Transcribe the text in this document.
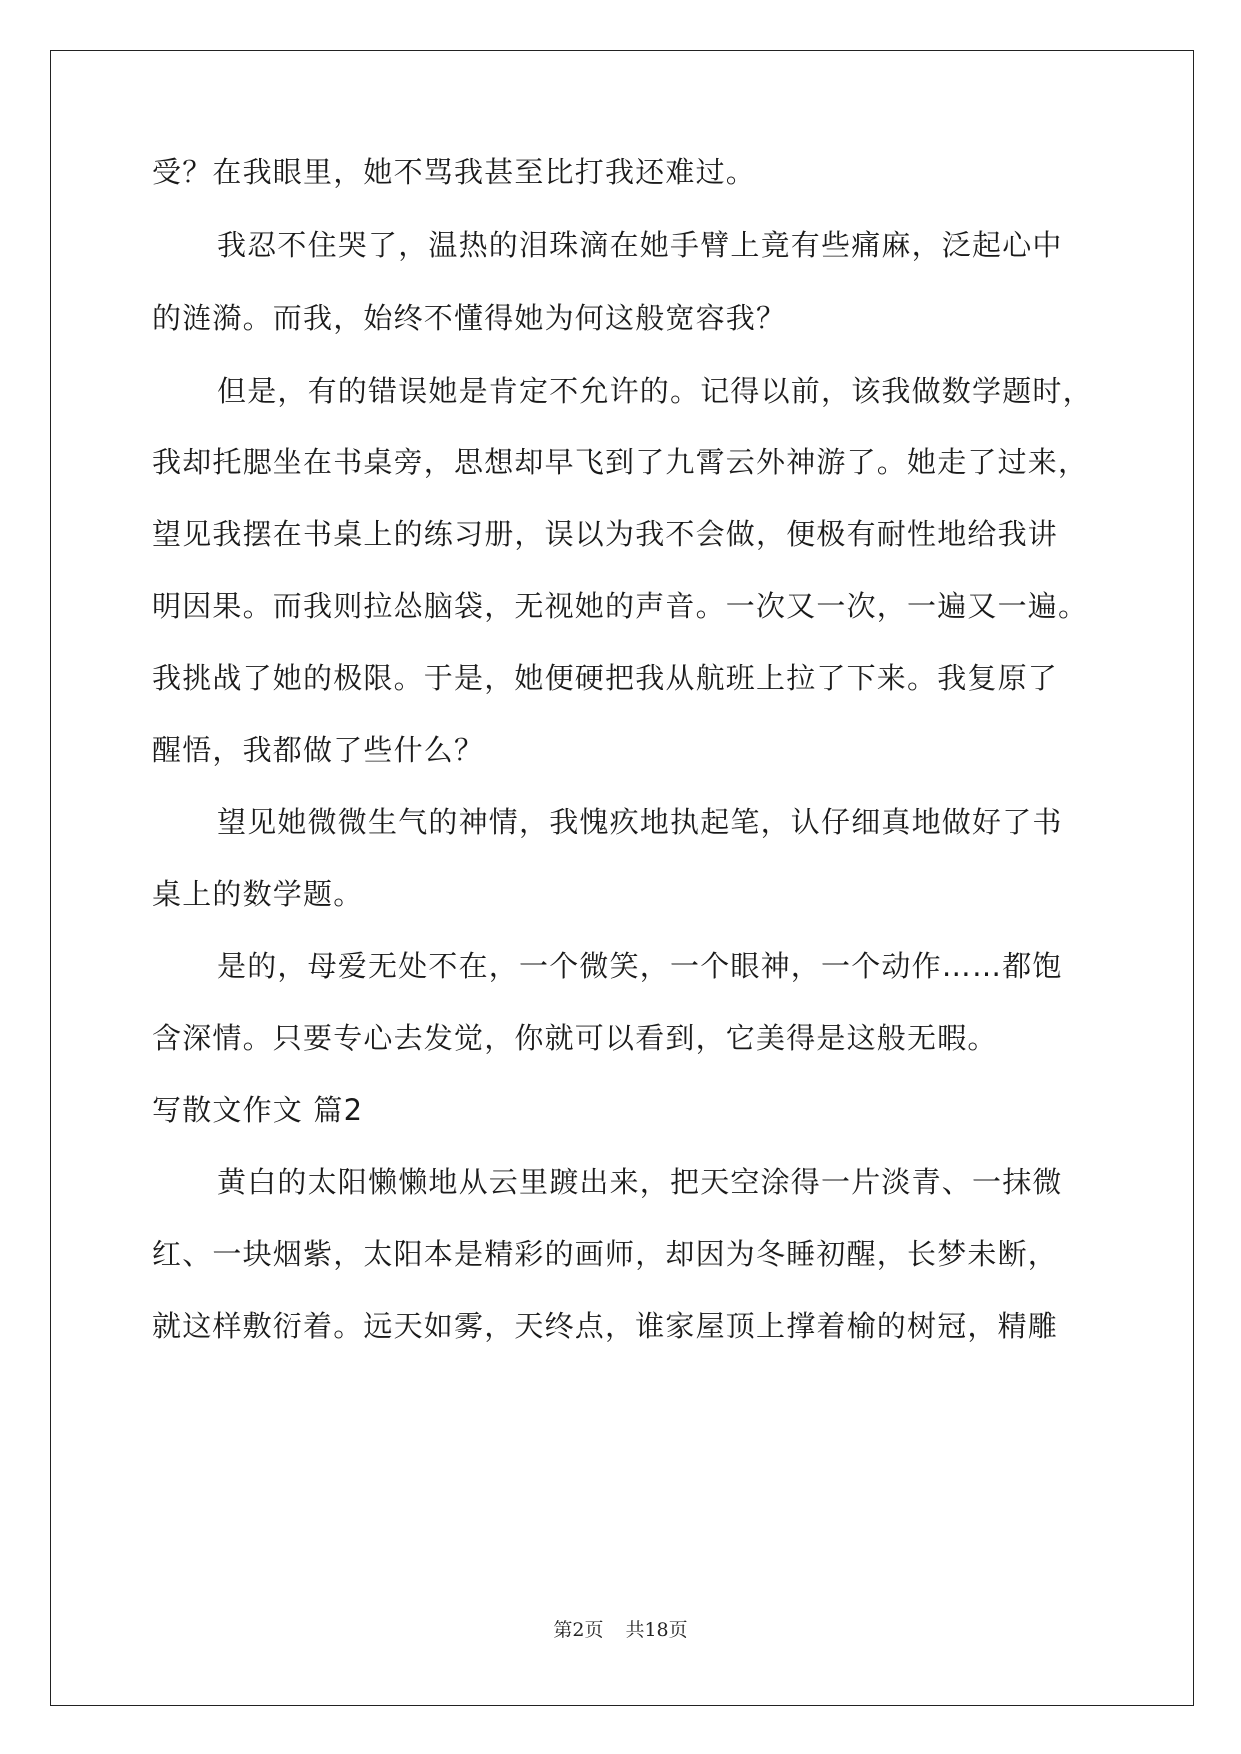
受？在我眼里，她不骂我甚至比打我还难过。
我忍不住哭了，温热的泪珠滴在她手臂上竟有些痛麻，泛起心中
的涟漪。而我，始终不懂得她为何这般宽容我？
但是，有的错误她是肯定不允许的。记得以前，该我做数学题时，
我却托腮坐在书桌旁，思想却早飞到了九霄云外神游了。她走了过来，
望见我摆在书桌上的练习册，误以为我不会做，便极有耐性地给我讲
明因果。而我则拉怂脑袋，无视她的声音。一次又一次，一遍又一遍。
我挑战了她的极限。于是，她便硬把我从航班上拉了下来。我复原了
醒悟，我都做了些什么？
望见她微微生气的神情，我愧疚地执起笔，认仔细真地做好了书
桌上的数学题。
是的，母爱无处不在，一个微笑，一个眼神，一个动作……都饱
含深情。只要专心去发觉，你就可以看到，它美得是这般无暇。
写散文作文 篇2
黄白的太阳懒懒地从云里踱出来，把天空涂得一片淡青、一抹微
红、一块烟紫，太阳本是精彩的画师，却因为冬睡初醒，长梦未断，
就这样敷衍着。远天如雾，天终点，谁家屋顶上撑着榆的树冠，精雕
第2页 共18页
